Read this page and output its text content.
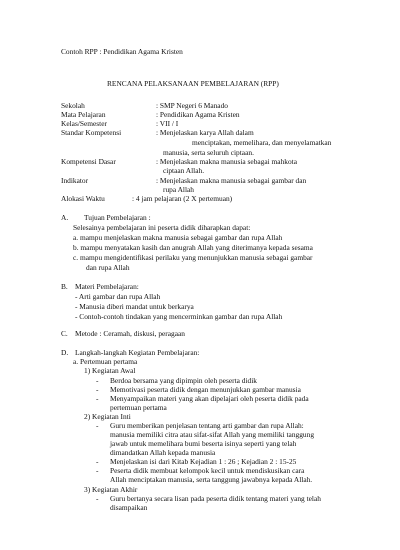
Contoh RPP : Pendidikan Agama Kristen
RENCANA PELAKSANAAN PEMBELAJARAN (RPP)
Sekolah	: SMP Negeri 6 Manado
Mata Pelajaran	: Pendidikan Agama Kristen
Kelas/Semester	: VII / I
Standar Kompetensi	: Menjelaskan karya Allah dalam
menciptakan, memelihara, dan menyelamatkan
manusia, serta seluruh ciptaan.
Kompetensi Dasar	: Menjelaskan makna manusia sebagai mahkota
ciptaan Allah.
Indikator	: Menjelaskan makna manusia sebagai gambar dan
rupa Allah
Alokasi Waktu	: 4 jam pelajaran (2 X pertemuan)
A. Tujuan Pembelajaran :
Selesainya pembelajaran ini peserta didik diharapkan dapat:
a. mampu menjelaskan makna manusia sebagai gambar dan rupa Allah
b. mampu menyatakan kasih dan anugrah Allah yang diterimanya kepada sesama
c. mampu mengidentifikasi perilaku yang menunjukkan manusia sebagai gambar
dan rupa Allah
B. Materi Pembelajaran:
- Arti gambar dan rupa Allah
- Manusia diberi mandat untuk berkarya
- Contoh-contoh tindakan yang mencerminkan gambar dan rupa Allah
C. Metode : Ceramah, diskusi, peragaan
D. Langkah-langkah Kegiatan Pembelajaran:
a. Pertemuan pertama
1) Kegiatan Awal
- Berdoa bersama yang dipimpin oleh peserta didik
- Memotivasi peserta didik dengan menunjukkan gambar manusia
- Menyampaikan materi yang akan dipelajari oleh peserta didik pada
pertemuan pertama
2) Kegiatan Inti
- Guru memberikan penjelasan tentang arti gambar dan rupa Allah:
manusia memiliki citra atau sifat-sifat Allah yang memiliki tanggung
jawab untuk memelihara bumi beserta isinya seperti yang telah
dimandatkan Allah kepada manusia
- Menjelaskan isi dari Kitab Kejadian 1 : 26 ; Kejadian 2 : 15-25
- Peserta didik membuat kelompok kecil untuk mendiskusikan cara
Allah menciptakan manusia, serta tanggung jawabnya kepada Allah.
3) Kegiatan Akhir
- Guru bertanya secara lisan pada peserta didik tentang materi yang telah
disampaikan
